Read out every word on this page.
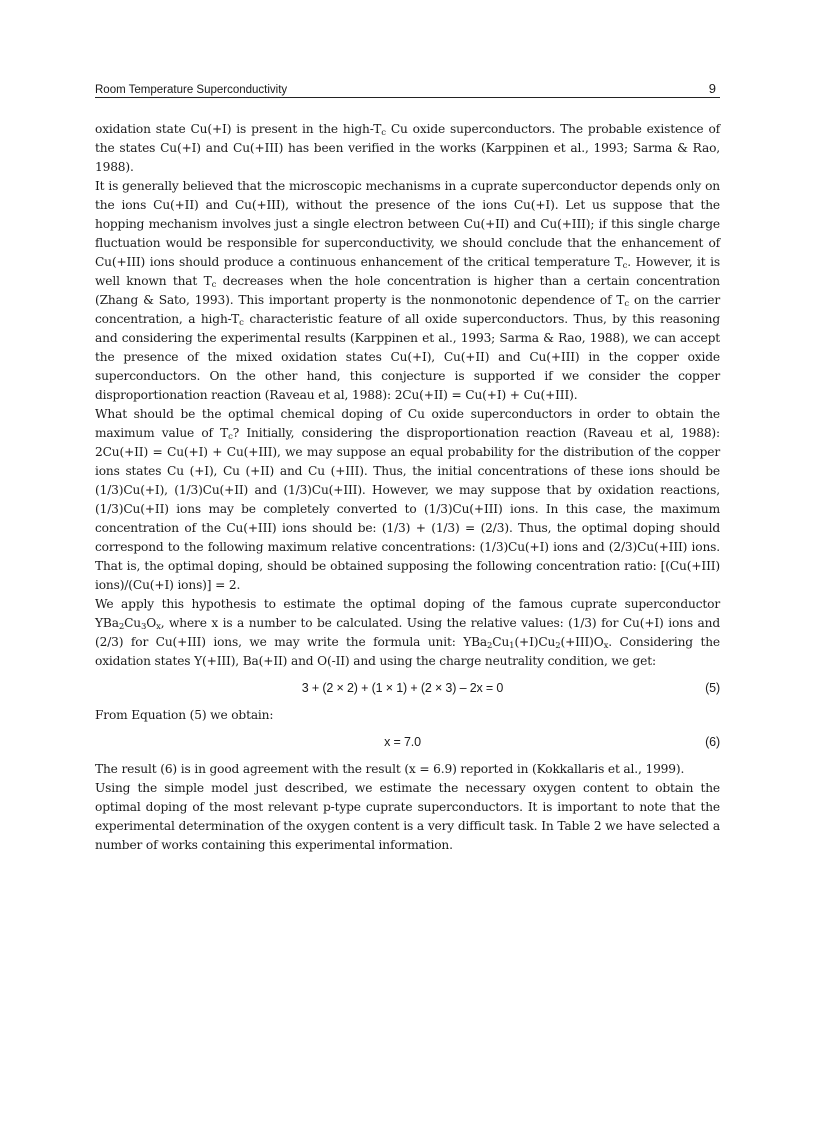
Room Temperature Superconductivity	9

oxidation state Cu(+I) is present in the high-$T_c$ Cu oxide superconductors. The probable existence of the states Cu(+I) and Cu(+III) has been verified in the works (Karppinen et al., 1993; Sarma & Rao, 1988).

It is generally believed that the microscopic mechanisms in a cuprate superconductor depends only on the ions Cu(+II) and Cu(+III), without the presence of the ions Cu(+I). Let us suppose that the hopping mechanism involves just a single electron between Cu(+II) and Cu(+III); if this single charge fluctuation would be responsible for superconductivity, we should conclude that the enhancement of Cu(+III) ions should produce a continuous enhancement of the critical temperature $T_c$. However, it is well known that $T_c$ decreases when the hole concentration is higher than a certain concentration (Zhang & Sato, 1993). This important property is the nonmonotonic dependence of $T_c$ on the carrier concentration, a high-$T_c$ characteristic feature of all oxide superconductors. Thus, by this reasoning and considering the experimental results (Karppinen et al., 1993; Sarma & Rao, 1988), we can accept the presence of the mixed oxidation states Cu(+I), Cu(+II) and Cu(+III) in the copper oxide superconductors. On the other hand, this conjecture is supported if we consider the copper disproportionation reaction (Raveau et al, 1988): 2Cu(+II) = Cu(+I) + Cu(+III).

What should be the optimal chemical doping of Cu oxide superconductors in order to obtain the maximum value of $T_c$? Initially, considering the disproportionation reaction (Raveau et al, 1988): 2Cu(+II) = Cu(+I) + Cu(+III), we may suppose an equal probability for the distribution of the copper ions states Cu (+I), Cu (+II) and Cu (+III). Thus, the initial concentrations of these ions should be (1/3)Cu(+I), (1/3)Cu(+II) and (1/3)Cu(+III). However, we may suppose that by oxidation reactions, (1/3)Cu(+II) ions may be completely converted to (1/3)Cu(+III) ions. In this case, the maximum concentration of the Cu(+III) ions should be: (1/3) + (1/3) = (2/3). Thus, the optimal doping should correspond to the following maximum relative concentrations: (1/3)Cu(+I) ions and (2/3)Cu(+III) ions. That is, the optimal doping, should be obtained supposing the following concentration ratio: [(Cu(+III) ions)/(Cu(+I) ions)] = 2.

We apply this hypothesis to estimate the optimal doping of the famous cuprate superconductor $YBa_2Cu_3O_x$, where x is a number to be calculated. Using the relative values: (1/3) for Cu(+I) ions and (2/3) for Cu(+III) ions, we may write the formula unit: $YBa_2Cu_1(+I)Cu_2(+III)O_x$. Considering the oxidation states Y(+III), Ba(+II) and O(-II) and using the charge neutrality condition, we get:

3 + (2 × 2) + (1 × 1) + (2 × 3) – 2x = 0	(5)

From Equation (5) we obtain:

x = 7.0	(6)

The result (6) is in good agreement with the result (x = 6.9) reported in (Kokkallaris et al., 1999).

Using the simple model just described, we estimate the necessary oxygen content to obtain the optimal doping of the most relevant p-type cuprate superconductors. It is important to note that the experimental determination of the oxygen content is a very difficult task. In Table 2 we have selected a number of works containing this experimental information.
